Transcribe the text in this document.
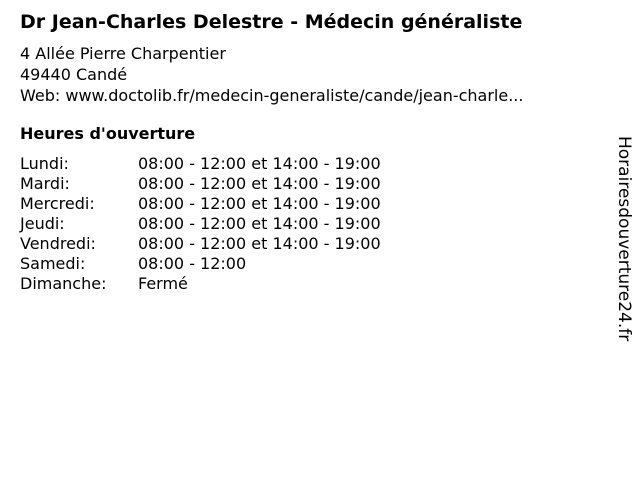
Dr Jean-Charles Delestre - Médecin généraliste
4 Allée Pierre Charpentier
49440 Candé
Web: www.doctolib.fr/medecin-generaliste/cande/jean-charle...
Heures d'ouverture
Lundi:	08:00 - 12:00 et 14:00 - 19:00
Mardi:	08:00 - 12:00 et 14:00 - 19:00
Mercredi:	08:00 - 12:00 et 14:00 - 19:00
Jeudi:	08:00 - 12:00 et 14:00 - 19:00
Vendredi:	08:00 - 12:00 et 14:00 - 19:00
Samedi:	08:00 - 12:00
Dimanche: Fermé	Horairesdouverture24.fr
